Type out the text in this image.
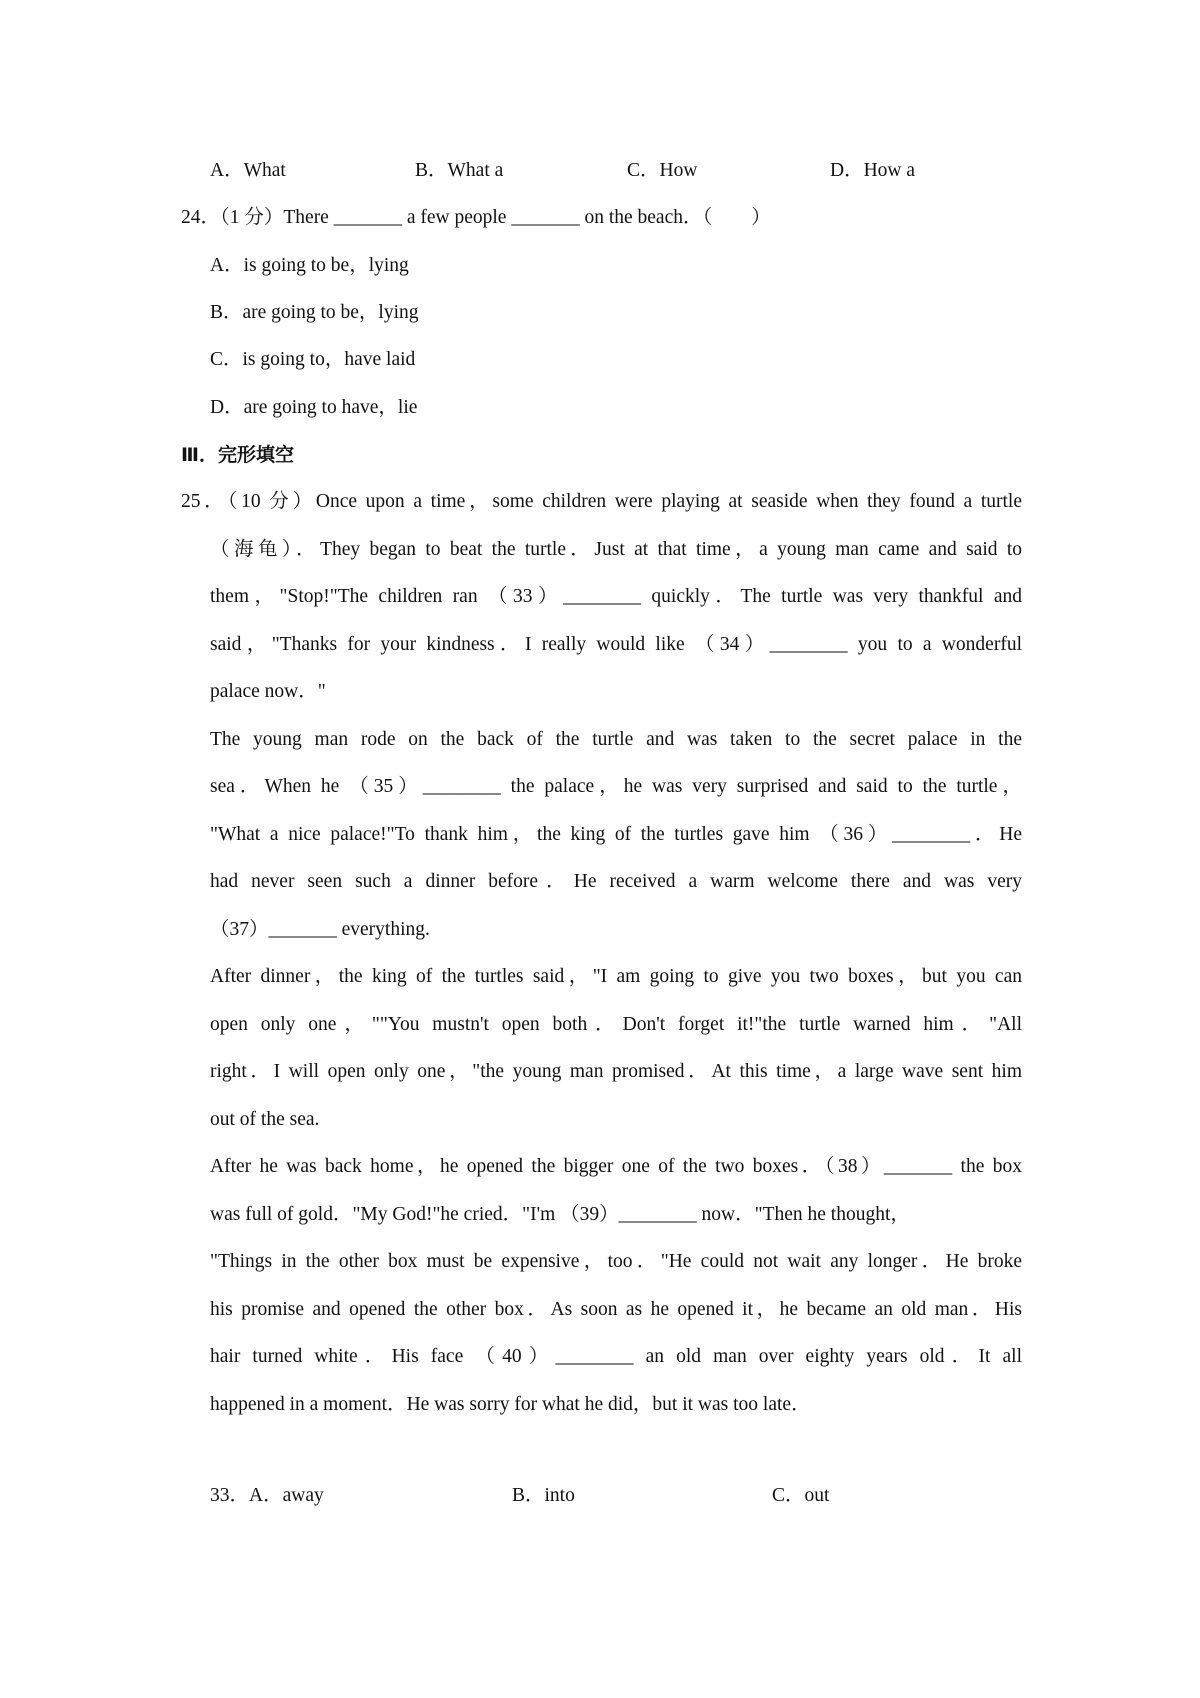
A．What	B．What a	C．How	D．How a
24．（1 分）There _______ a few people _______ on the beach．（　　）
A．is going to be，lying
B．are going to be，lying
C．is going to，have laid
D．are going to have，lie
Ⅲ．完形填空
25．（10 分）Once upon a time，some children were playing at seaside when they found a turtle
（海龟）．They began to beat the turtle．Just at that time，a young man came and said to
them，"Stop!"The children ran （33）________ quickly．The turtle was very thankful and
said，"Thanks for your kindness．I really would like （34）________ you to a wonderful
palace now．"
The young man rode on the back of the turtle and was taken to the secret palace in the
sea．When he （35）________ the palace，he was very surprised and said to the turtle，
"What a nice palace!"To thank him，the king of the turtles gave him （36）________．He
had never seen such a dinner before．He received a warm welcome there and was very
（37）_______ everything.
After dinner，the king of the turtles said，"I am going to give you two boxes，but you can
open only one，""You mustn't open both．Don't forget it!"the turtle warned him．"All
right．I will open only one，"the young man promised．At this time，a large wave sent him
out of the sea.
After he was back home，he opened the bigger one of the two boxes．（38）_______ the box
was full of gold．"My God!"he cried．"I'm （39）________ now．"Then he thought，
"Things in the other box must be expensive，too．"He could not wait any longer．He broke
his promise and opened the other box．As soon as he opened it，he became an old man．His
hair turned white．His face （40）________ an old man over eighty years old．It all
happened in a moment．He was sorry for what he did，but it was too late．
33．A．away	B．into	C．out
